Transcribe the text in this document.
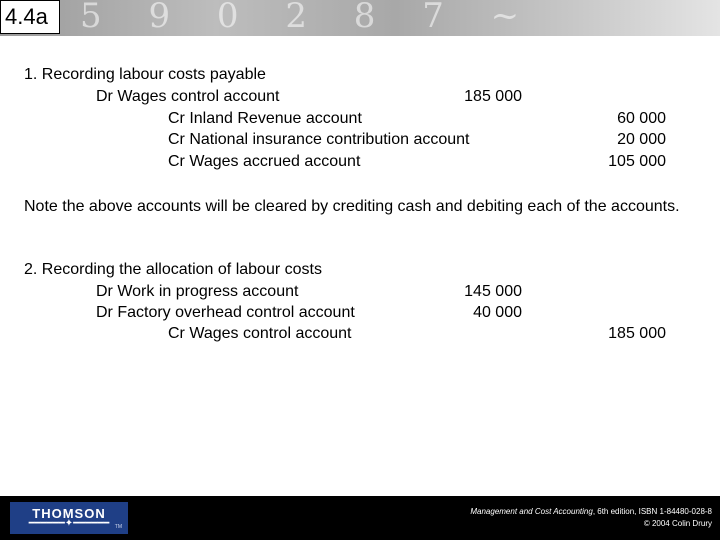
5 9 0 2 8 7 ~
4.4a
1. Recording labour costs payable
Dr Wages control account	185 000
Cr Inland Revenue account	60 000
Cr National insurance contribution account	20 000
Cr Wages accrued account	105 000
Note the above accounts will be cleared by crediting cash and debiting each of the accounts.
2. Recording the allocation of labour costs
Dr Work in progress account	145 000
Dr Factory overhead control account	40 000
Cr Wages control account	185 000
THOMSON
━━━━━━✦━━━━━━	TM
Management and Cost Accounting, 6th edition, ISBN 1-84480-028-8
© 2004 Colin Drury
